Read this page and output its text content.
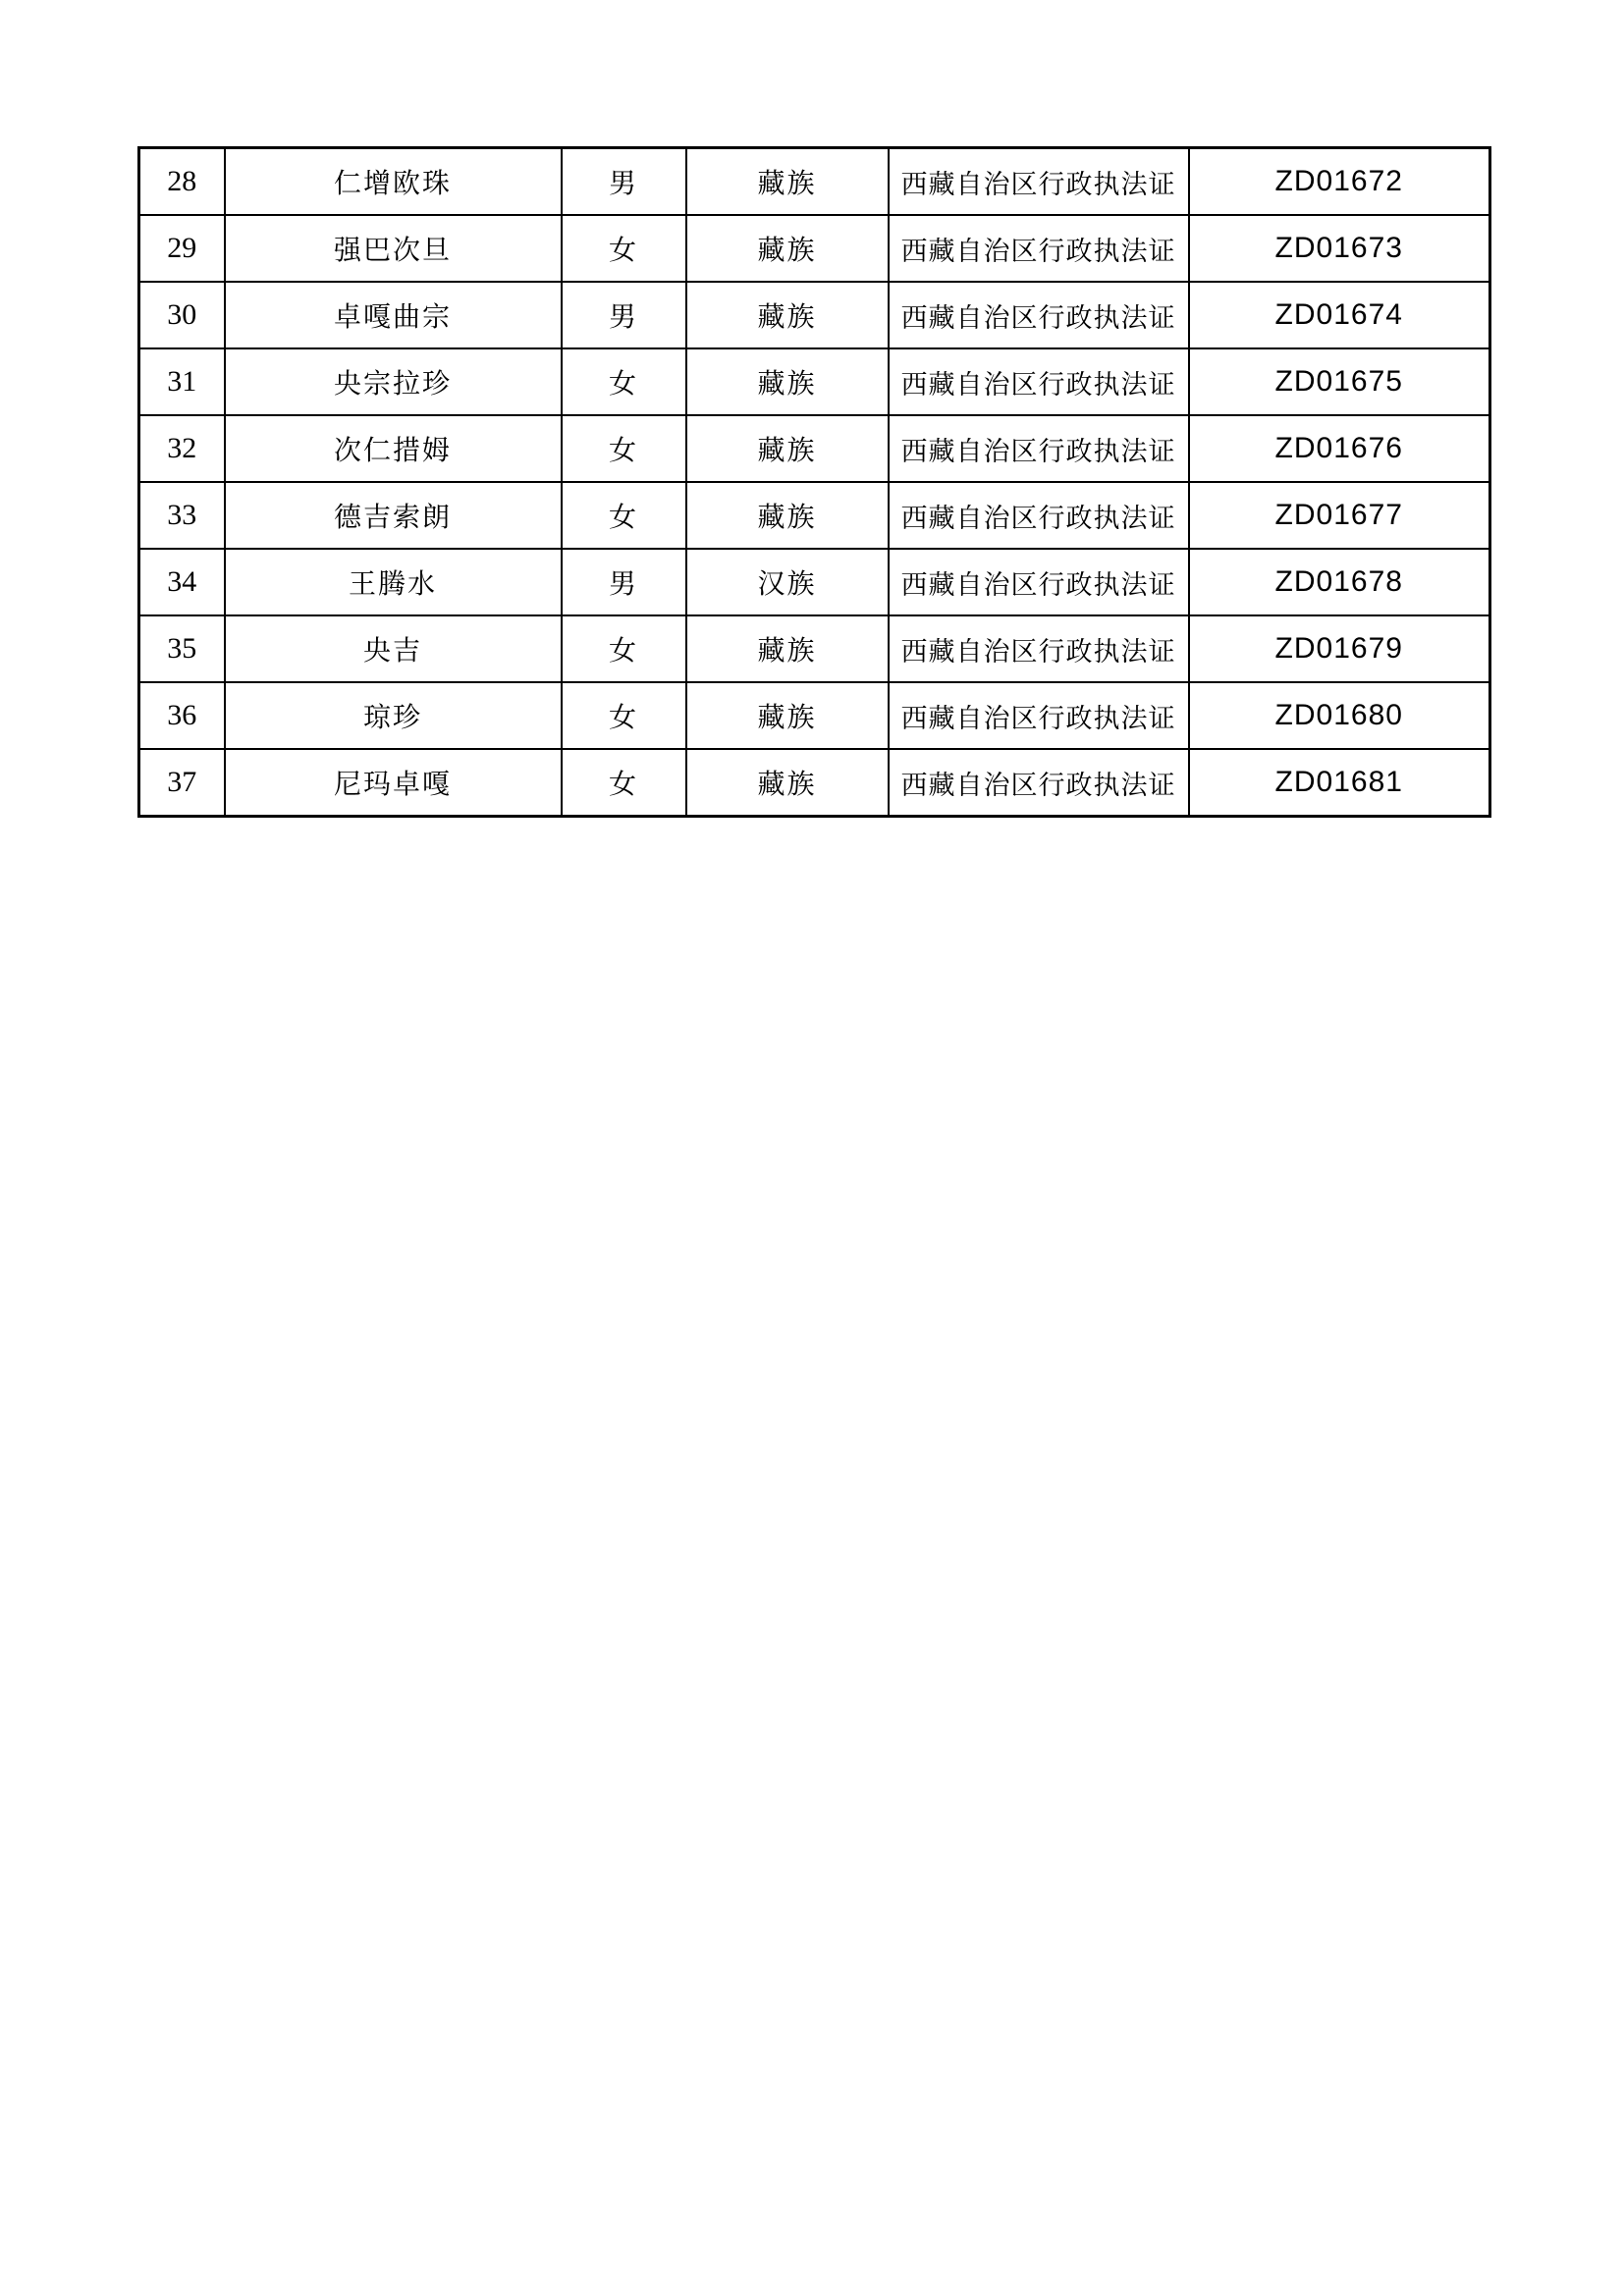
28	仁增欧珠	男	藏族	西藏自治区行政执法证	ZD01672
29	强巴次旦	女	藏族	西藏自治区行政执法证	ZD01673
30	卓嘎曲宗	男	藏族	西藏自治区行政执法证	ZD01674
31	央宗拉珍	女	藏族	西藏自治区行政执法证	ZD01675
32	次仁措姆	女	藏族	西藏自治区行政执法证	ZD01676
33	德吉索朗	女	藏族	西藏自治区行政执法证	ZD01677
34	王腾水	男	汉族	西藏自治区行政执法证	ZD01678
35	央吉	女	藏族	西藏自治区行政执法证	ZD01679
36	琼珍	女	藏族	西藏自治区行政执法证	ZD01680
37	尼玛卓嘎	女	藏族	西藏自治区行政执法证	ZD01681
